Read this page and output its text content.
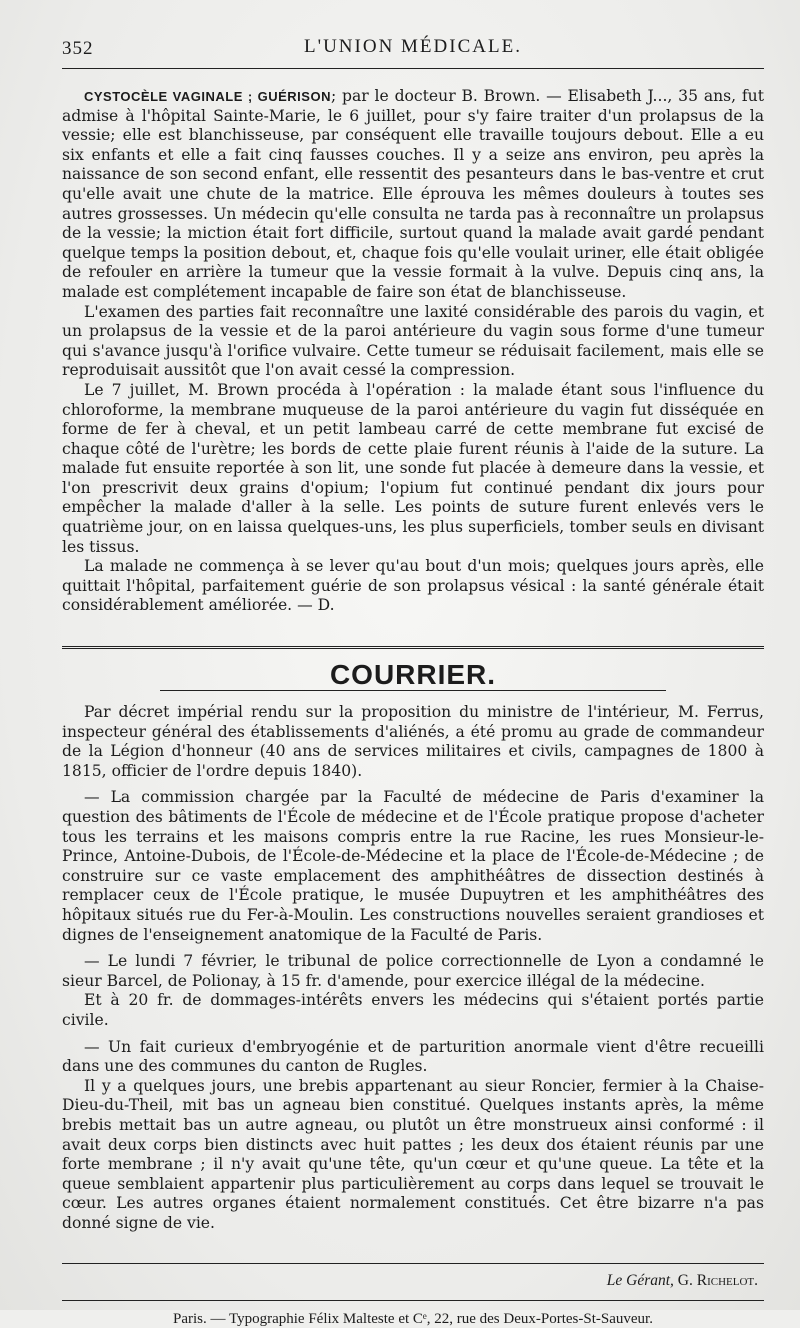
352	L'UNION MÉDICALE.

CYSTOCÈLE VAGINALE ; GUÉRISON; par le docteur B. Brown. — Elisabeth J..., 35 ans, fut admise à l'hôpital Sainte-Marie, le 6 juillet, pour s'y faire traiter d'un prolapsus de la vessie; elle est blanchisseuse, par conséquent elle travaille toujours debout. Elle a eu six enfants et elle a fait cinq fausses couches. Il y a seize ans environ, peu après la naissance de son second enfant, elle ressentit des pesanteurs dans le bas-ventre et crut qu'elle avait une chute de la matrice. Elle éprouva les mêmes douleurs à toutes ses autres grossesses. Un médecin qu'elle consulta ne tarda pas à reconnaître un prolapsus de la vessie; la miction était fort difficile, surtout quand la malade avait gardé pendant quelque temps la position debout, et, chaque fois qu'elle voulait uriner, elle était obligée de refouler en arrière la tumeur que la vessie formait à la vulve. Depuis cinq ans, la malade est complétement incapable de faire son état de blanchisseuse.

L'examen des parties fait reconnaître une laxité considérable des parois du vagin, et un prolapsus de la vessie et de la paroi antérieure du vagin sous forme d'une tumeur qui s'avance jusqu'à l'orifice vulvaire. Cette tumeur se réduisait facilement, mais elle se reproduisait aussitôt que l'on avait cessé la compression.

Le 7 juillet, M. Brown procéda à l'opération : la malade étant sous l'influence du chloroforme, la membrane muqueuse de la paroi antérieure du vagin fut disséquée en forme de fer à cheval, et un petit lambeau carré de cette membrane fut excisé de chaque côté de l'urètre; les bords de cette plaie furent réunis à l'aide de la suture. La malade fut ensuite reportée à son lit, une sonde fut placée à demeure dans la vessie, et l'on prescrivit deux grains d'opium; l'opium fut continué pendant dix jours pour empêcher la malade d'aller à la selle. Les points de suture furent enlevés vers le quatrième jour, on en laissa quelques-uns, les plus superficiels, tomber seuls en divisant les tissus.

La malade ne commença à se lever qu'au bout d'un mois; quelques jours après, elle quittait l'hôpital, parfaitement guérie de son prolapsus vésical : la santé générale était considérablement améliorée. — D.

COURRIER.

Par décret impérial rendu sur la proposition du ministre de l'intérieur, M. Ferrus, inspecteur général des établissements d'aliénés, a été promu au grade de commandeur de la Légion d'honneur (40 ans de services militaires et civils, campagnes de 1800 à 1815, officier de l'ordre depuis 1840).

— La commission chargée par la Faculté de médecine de Paris d'examiner la question des bâtiments de l'École de médecine et de l'École pratique propose d'acheter tous les terrains et les maisons compris entre la rue Racine, les rues Monsieur-le-Prince, Antoine-Dubois, de l'École-de-Médecine et la place de l'École-de-Médecine ; de construire sur ce vaste emplacement des amphithéâtres de dissection destinés à remplacer ceux de l'École pratique, le musée Dupuytren et les amphithéâtres des hôpitaux situés rue du Fer-à-Moulin. Les constructions nouvelles seraient grandioses et dignes de l'enseignement anatomique de la Faculté de Paris.

— Le lundi 7 février, le tribunal de police correctionnelle de Lyon a condamné le sieur Barcel, de Polionay, à 15 fr. d'amende, pour exercice illégal de la médecine.

Et à 20 fr. de dommages-intérêts envers les médecins qui s'étaient portés partie civile.

— Un fait curieux d'embryogénie et de parturition anormale vient d'être recueilli dans une des communes du canton de Rugles.

Il y a quelques jours, une brebis appartenant au sieur Roncier, fermier à la Chaise-Dieu-du-Theil, mit bas un agneau bien constitué. Quelques instants après, la même brebis mettait bas un autre agneau, ou plutôt un être monstrueux ainsi conformé : il avait deux corps bien distincts avec huit pattes ; les deux dos étaient réunis par une forte membrane ; il n'y avait qu'une tête, qu'un cœur et qu'une queue. La tête et la queue semblaient appartenir plus particulièrement au corps dans lequel se trouvait le cœur. Les autres organes étaient normalement constitués. Cet être bizarre n'a pas donné signe de vie.

Le Gérant, G. Richelot.
Paris. — Typographie Félix Malteste et Cᵉ, 22, rue des Deux-Portes-St-Sauveur.
